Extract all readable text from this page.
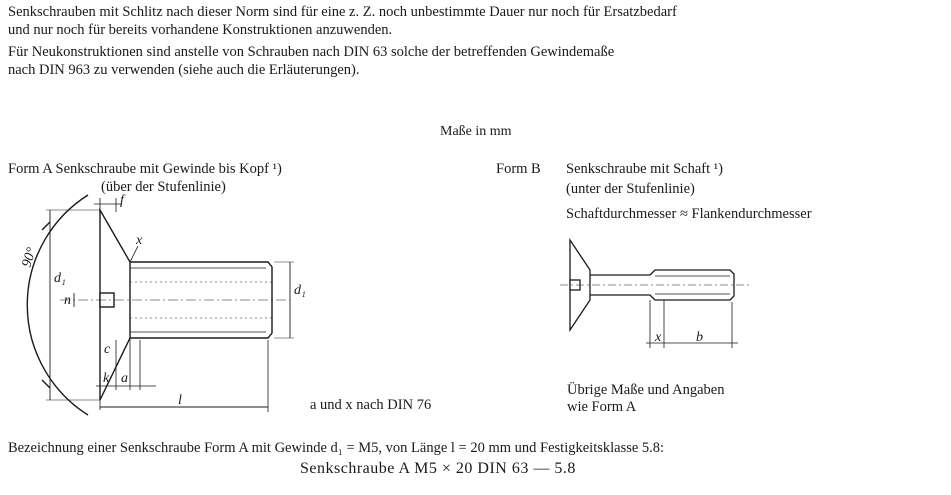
Senkschrauben mit Schlitz nach dieser Norm sind für eine z. Z. noch unbestimmte Dauer nur noch für Ersatzbedarf
und nur noch für bereits vorhandene Konstruktionen anzuwenden.
Für Neukonstruktionen sind anstelle von Schrauben nach DIN 63 solche der betreffenden Gewindemaße
nach DIN 963 zu verwenden (siehe auch die Erläuterungen).
Maße in mm
Form A Senkschraube mit Gewinde bis Kopf ¹)
(über der Stufenlinie)
Form B Senkschraube mit Schaft ¹)
(unter der Stufenlinie)
Schaftdurchmesser ≈ Flankendurchmesser
90°
f
x
d₁
n
c
k a
d₁
l	a und x nach DIN 76
x b
Übrige Maße und Angaben
wie Form A
Bezeichnung einer Senkschraube Form A mit Gewinde d₁ = M5, von Länge l = 20 mm und Festigkeitsklasse 5.8:
Senkschraube A M5 × 20 DIN 63 — 5.8
